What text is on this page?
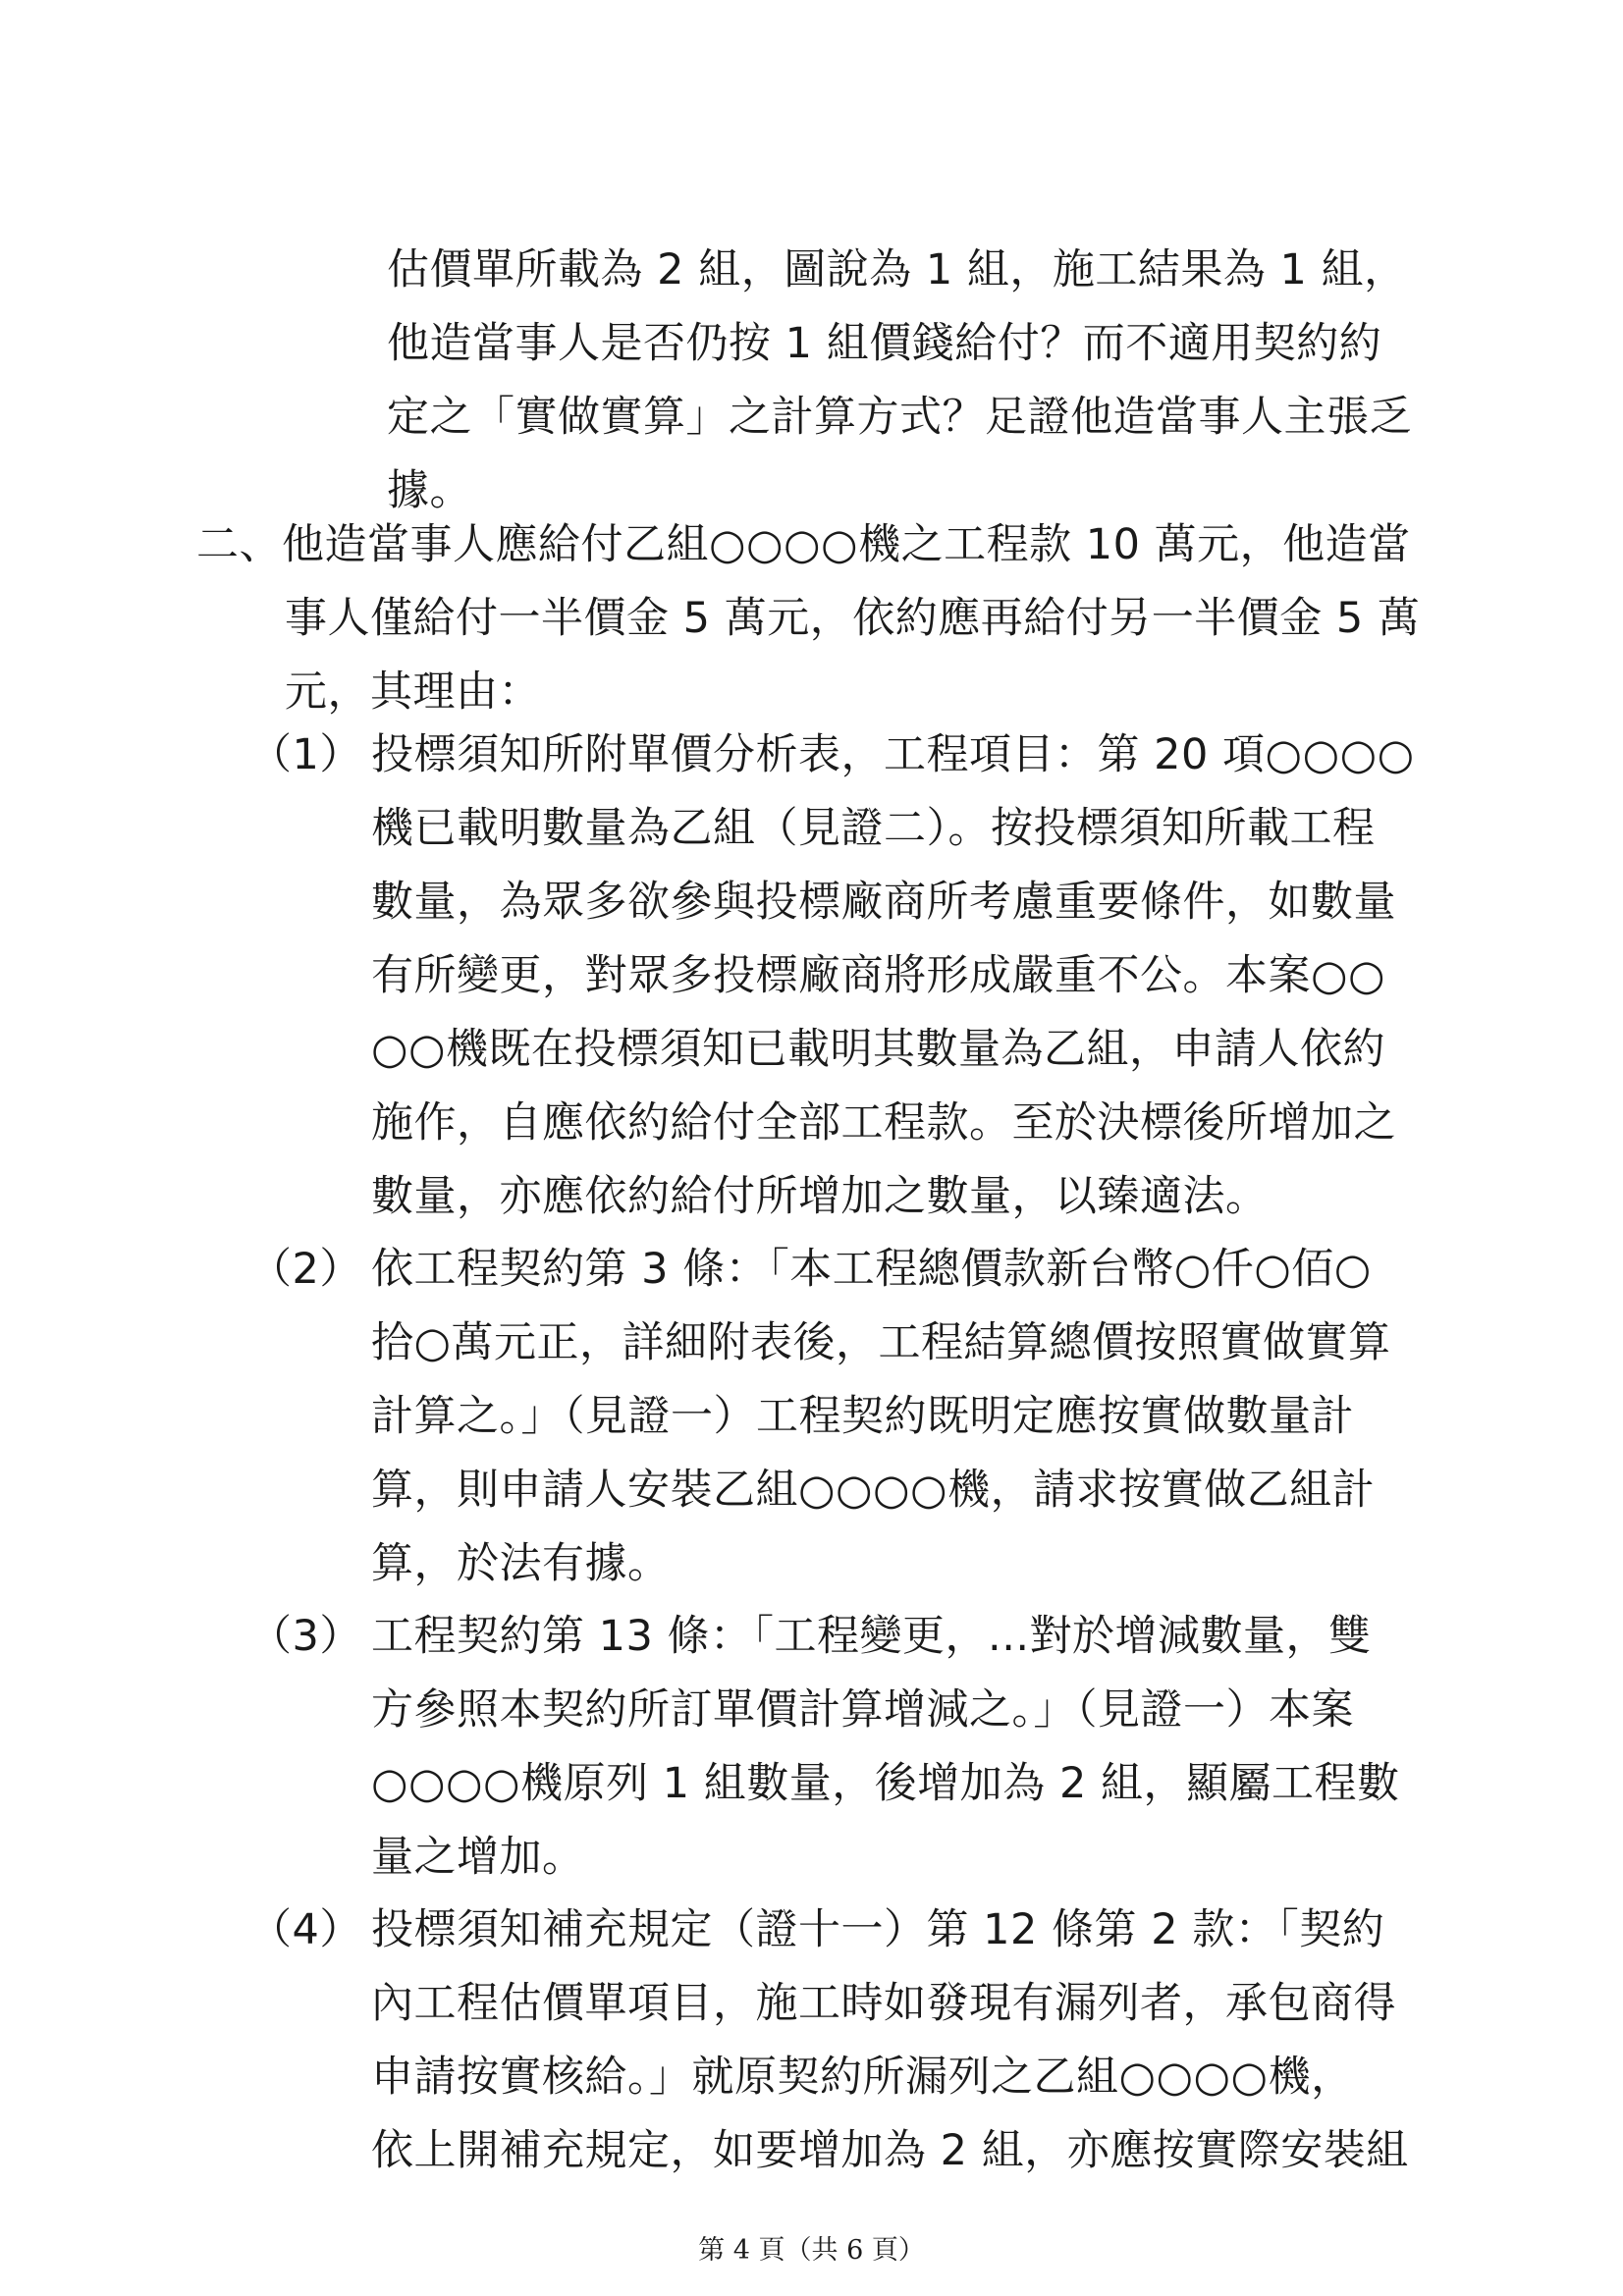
估價單所載為 2 組，圖說為 1 組，施工結果為 1 組，
他造當事人是否仍按 1 組價錢給付？而不適用契約約
定之「實做實算」之計算方式？足證他造當事人主張乏
據。
二、他造當事人應給付乙組○○○○機之工程款 10 萬元，他造當
事人僅給付一半價金 5 萬元，依約應再給付另一半價金 5 萬
元，其理由：
（1） 投標須知所附單價分析表，工程項目：第 20 項○○○○
機已載明數量為乙組（見證二）。按投標須知所載工程
數量，為眾多欲參與投標廠商所考慮重要條件，如數量
有所變更，對眾多投標廠商將形成嚴重不公。本案○○
○○機既在投標須知已載明其數量為乙組，申請人依約
施作，自應依約給付全部工程款。至於決標後所增加之
數量，亦應依約給付所增加之數量，以臻適法。
（2） 依工程契約第 3 條：「本工程總價款新台幣○仟○佰○
拾○萬元正，詳細附表後，工程結算總價按照實做實算
計算之。」（見證一）工程契約既明定應按實做數量計
算，則申請人安裝乙組○○○○機，請求按實做乙組計
算，於法有據。
（3） 工程契約第 13 條：「工程變更，...對於增減數量，雙
方參照本契約所訂單價計算增減之。」（見證一）本案
○○○○機原列 1 組數量，後增加為 2 組，顯屬工程數
量之增加。
（4） 投標須知補充規定（證十一）第 12 條第 2 款：「契約
內工程估價單項目，施工時如發現有漏列者，承包商得
申請按實核給。」就原契約所漏列之乙組○○○○機，
依上開補充規定，如要增加為 2 組，亦應按實際安裝組
第 4 頁（共 6 頁）
